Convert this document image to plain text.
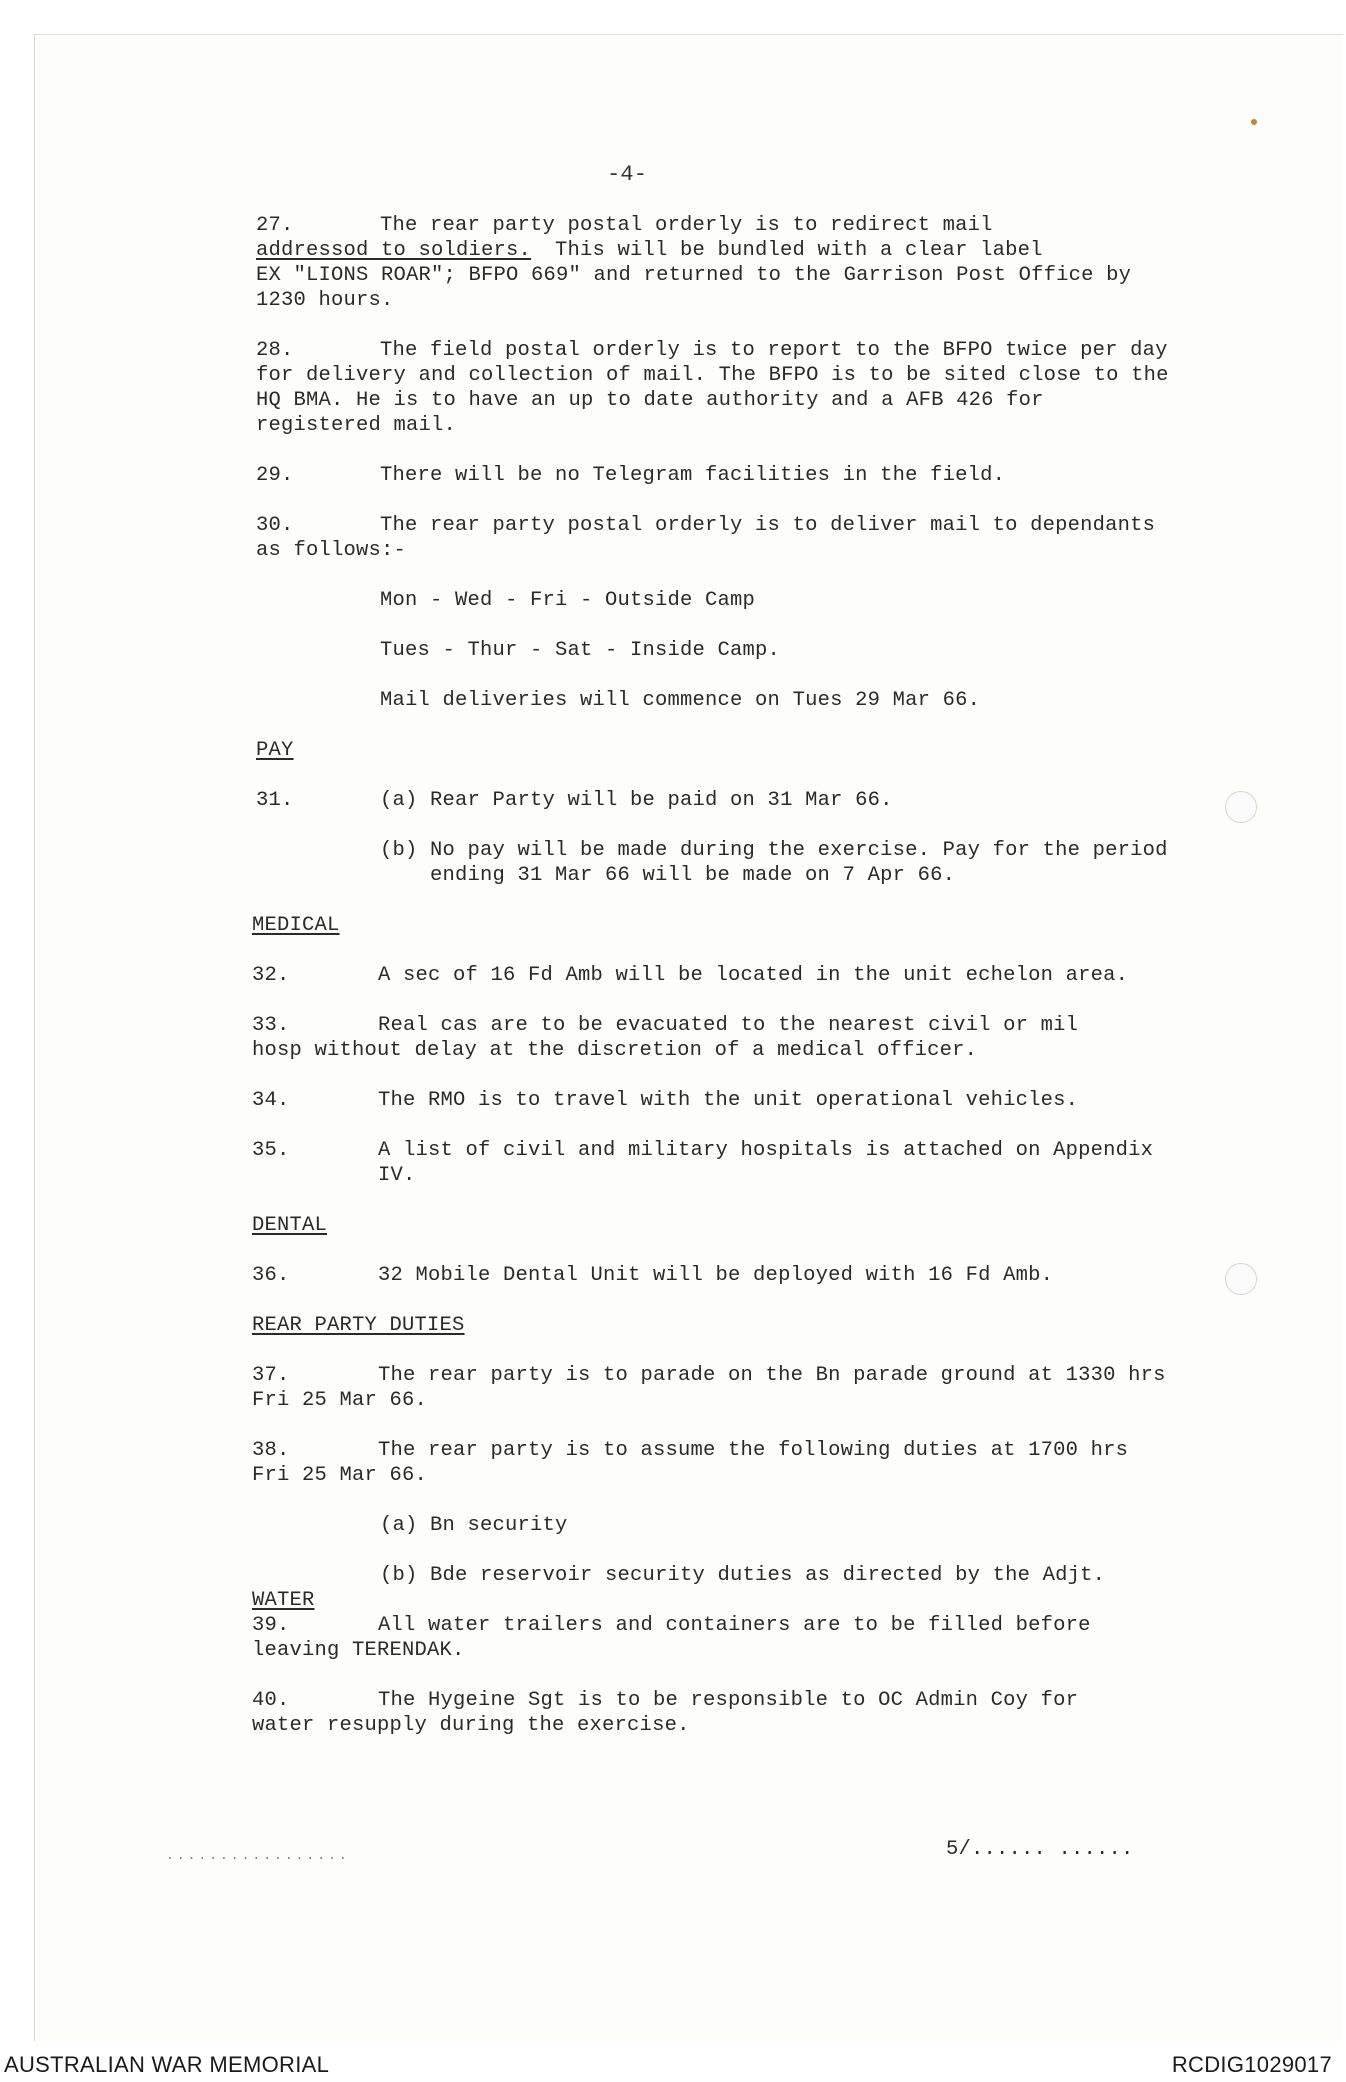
-4-
27.	The rear party postal orderly is to redirect mail
addressod to soldiers. This will be bundled with a clear label
EX "LIONS ROAR"; BFPO 669" and returned to the Garrison Post Office by
1230 hours.
28.	The field postal orderly is to report to the BFPO twice per day
for delivery and collection of mail. The BFPO is to be sited close to the
HQ BMA. He is to have an up to date authority and a AFB 426 for
registered mail.
29.	There will be no Telegram facilities in the field.
30.	The rear party postal orderly is to deliver mail to dependants
as follows:-
Mon - Wed - Fri - Outside Camp
Tues - Thur - Sat - Inside Camp.
Mail deliveries will commence on Tues 29 Mar 66.
PAY
31.	(a) Rear Party will be paid on 31 Mar 66.
(b) No pay will be made during the exercise. Pay for the period
ending 31 Mar 66 will be made on 7 Apr 66.
MEDICAL
32.	A sec of 16 Fd Amb will be located in the unit echelon area.
33.	Real cas are to be evacuated to the nearest civil or mil
hosp without delay at the discretion of a medical officer.
34.	The RMO is to travel with the unit operational vehicles.
35.	A list of civil and military hospitals is attached on Appendix
IV.
DENTAL
36.	32 Mobile Dental Unit will be deployed with 16 Fd Amb.
REAR PARTY DUTIES
37.	The rear party is to parade on the Bn parade ground at 1330 hrs
Fri 25 Mar 66.
38.	The rear party is to assume the following duties at 1700 hrs
Fri 25 Mar 66.
(a) Bn security
(b) Bde reservoir security duties as directed by the Adjt.
WATER
39.	All water trailers and containers are to be filled before
leaving TERENDAK.
40.	The Hygeine Sgt is to be responsible to OC Admin Coy for
water resupply during the exercise.
.................	5/...... ......
AUSTRALIAN WAR MEMORIAL	RCDIG1029017
